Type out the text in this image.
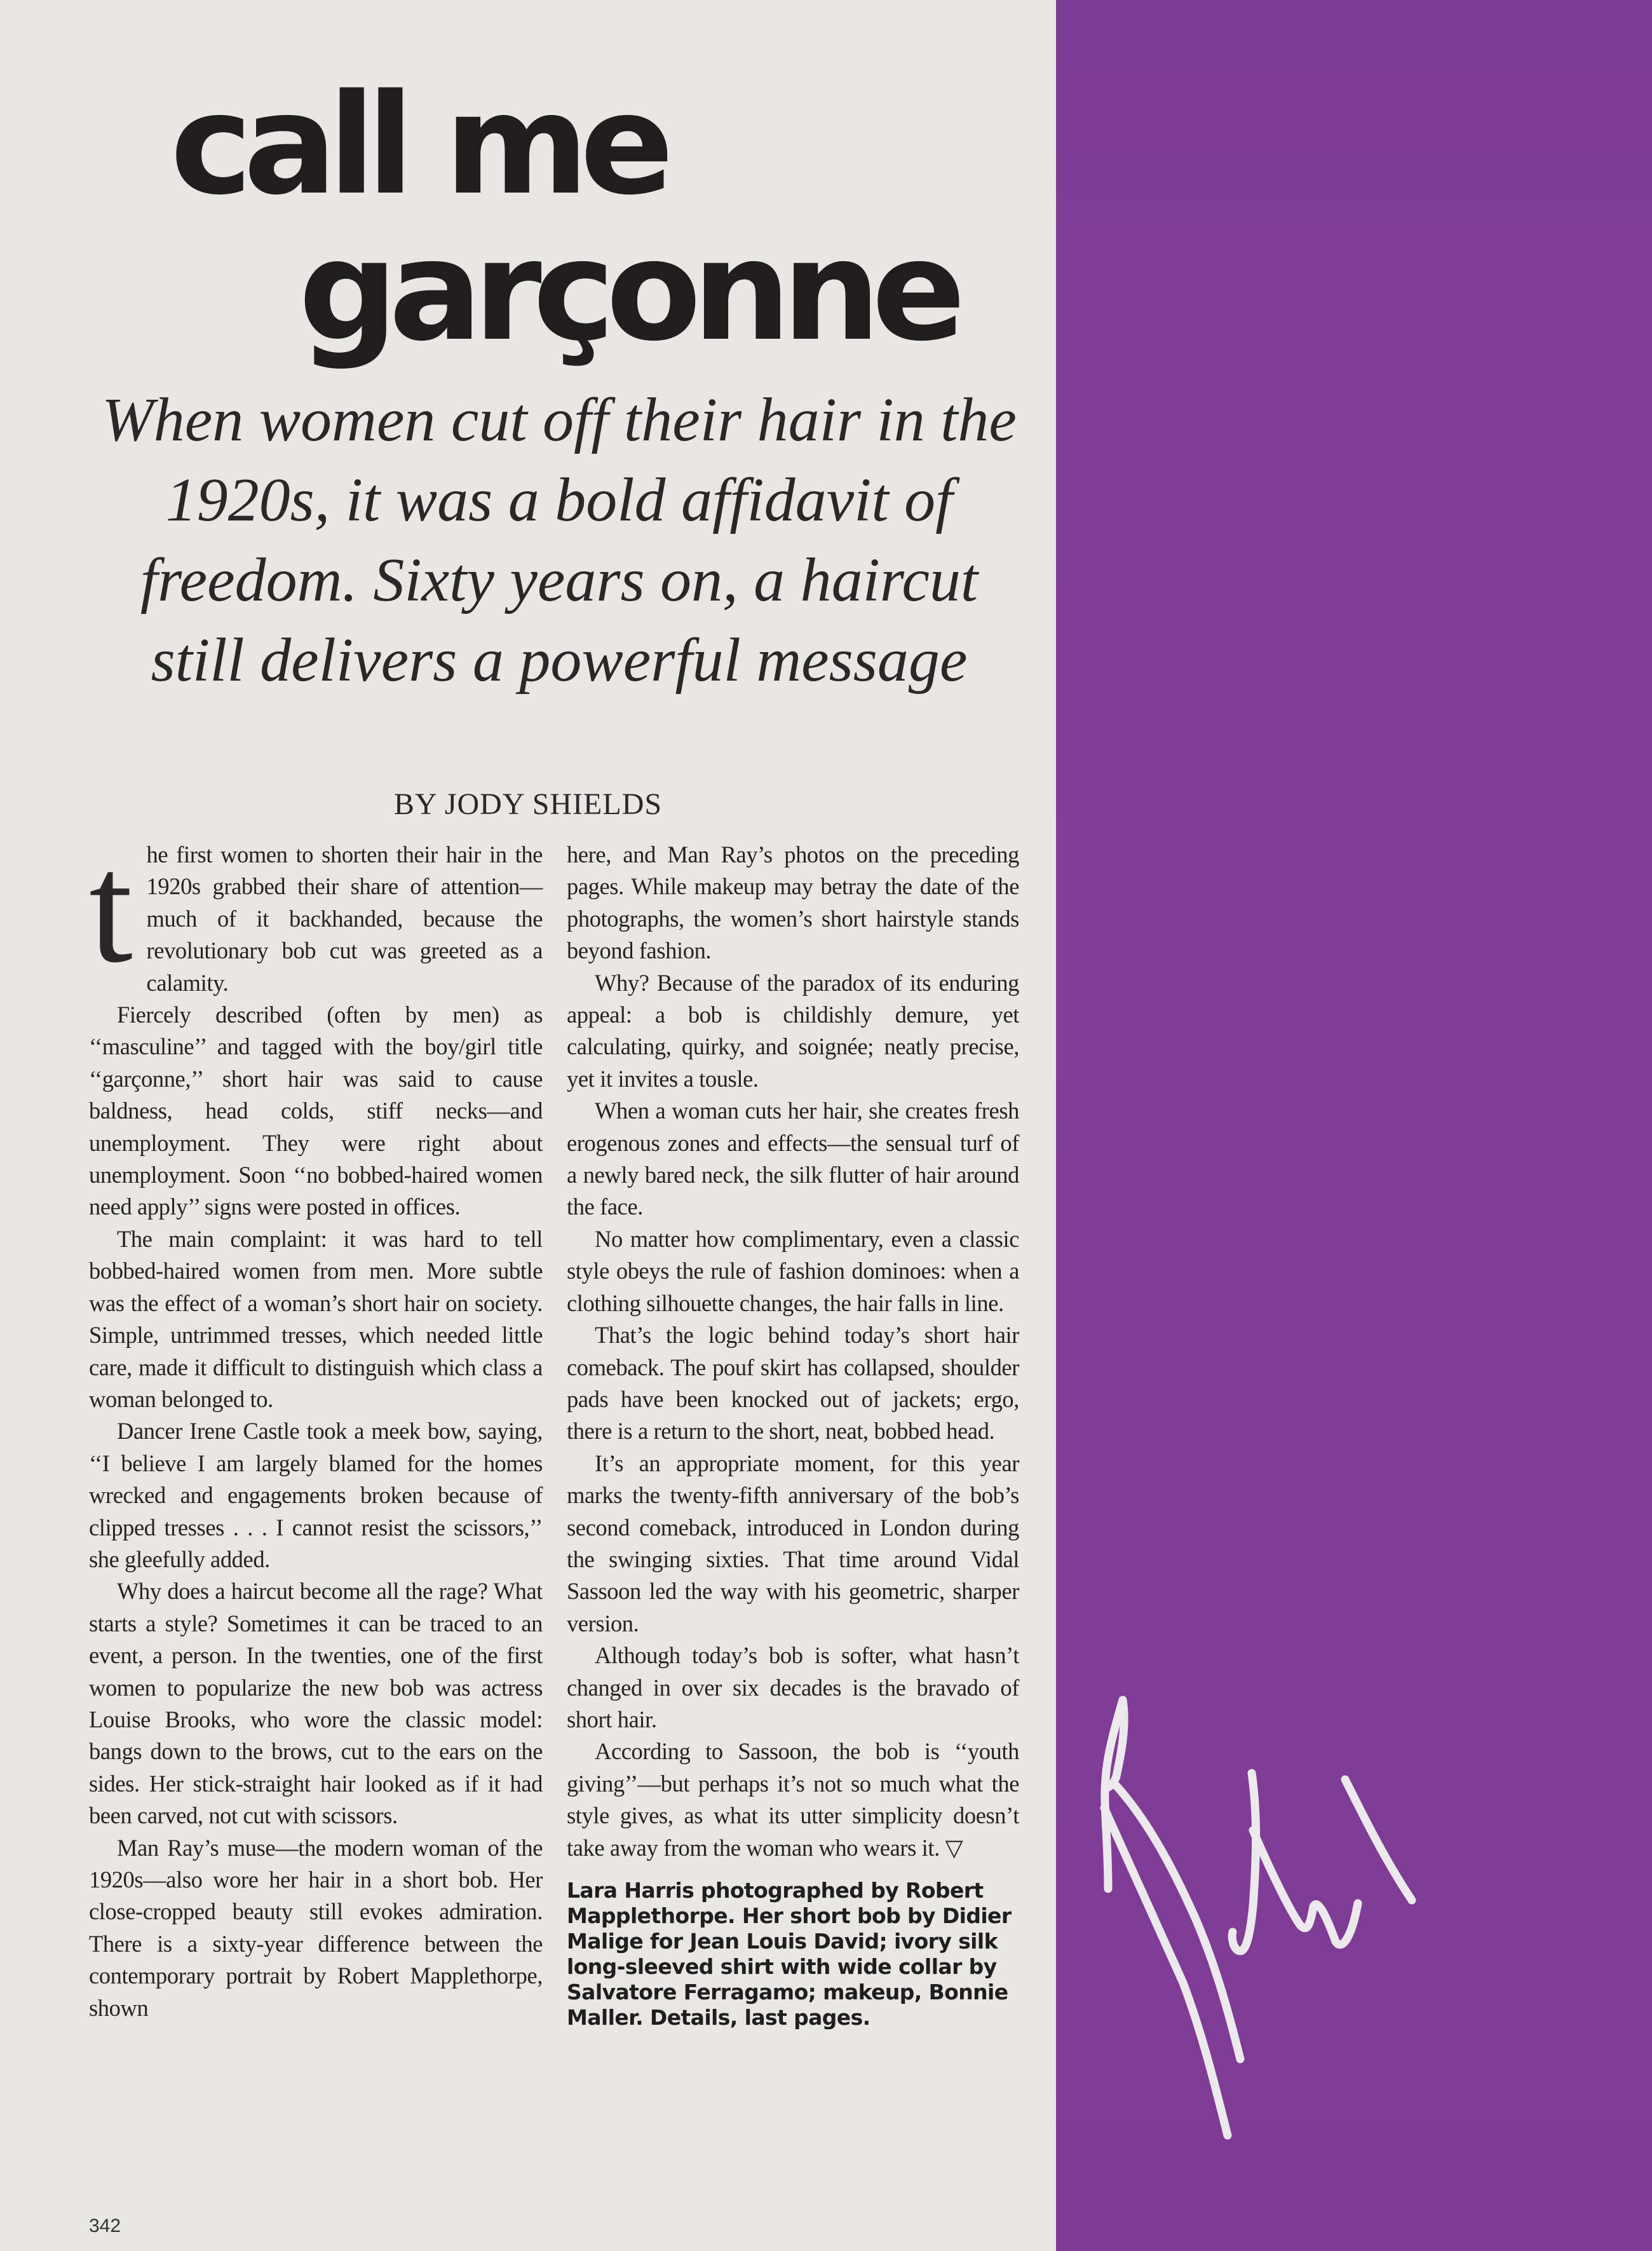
call me
garçonne

When women cut off their hair in the 1920s, it was a bold affidavit of freedom. Sixty years on, a haircut still delivers a powerful message

BY JODY SHIELDS
t he first women to shorten their hair in the 1920s grabbed their share of attention—much of it backhanded, because the revolutionary bob cut was greeted as a calamity.

Fiercely described (often by men) as ‘‘masculine’’ and tagged with the boy/girl title ‘‘garçonne,’’ short hair was said to cause baldness, head colds, stiff necks—and unemployment. They were right about unemployment. Soon ‘‘no bobbed-haired women need apply’’ signs were posted in offices.

The main complaint: it was hard to tell bobbed-haired women from men. More subtle was the effect of a woman’s short hair on society. Simple, untrimmed tresses, which needed little care, made it difficult to distinguish which class a woman belonged to.

Dancer Irene Castle took a meek bow, saying, ‘‘I believe I am largely blamed for the homes wrecked and engagements broken because of clipped tresses . . . I cannot resist the scissors,’’ she gleefully added.

Why does a haircut become all the rage? What starts a style? Sometimes it can be traced to an event, a person. In the twenties, one of the first women to popularize the new bob was actress Louise Brooks, who wore the classic model: bangs down to the brows, cut to the ears on the sides. Her stick-straight hair looked as if it had been carved, not cut with scissors.

Man Ray’s muse—the modern woman of the 1920s—also wore her hair in a short bob. Her close-cropped beauty still evokes admiration. There is a sixty-year difference between the contemporary portrait by Robert Mapplethorpe, shown

here, and Man Ray’s photos on the preceding pages. While makeup may betray the date of the photographs, the women’s short hairstyle stands beyond fashion.

Why? Because of the paradox of its enduring appeal: a bob is childishly demure, yet calculating, quirky, and soignée; neatly precise, yet it invites a tousle.

When a woman cuts her hair, she creates fresh erogenous zones and effects—the sensual turf of a newly bared neck, the silk flutter of hair around the face.

No matter how complimentary, even a classic style obeys the rule of fashion dominoes: when a clothing silhouette changes, the hair falls in line.

That’s the logic behind today’s short hair comeback. The pouf skirt has collapsed, shoulder pads have been knocked out of jackets; ergo, there is a return to the short, neat, bobbed head.

It’s an appropriate moment, for this year marks the twenty-fifth anniversary of the bob’s second comeback, introduced in London during the swinging sixties. That time around Vidal Sassoon led the way with his geometric, sharper version.

Although today’s bob is softer, what hasn’t changed in over six decades is the bravado of short hair.

According to Sassoon, the bob is ‘‘youth giving’’—but perhaps it’s not so much what the style gives, as what its utter simplicity doesn’t take away from the woman who wears it. ▽

Lara Harris photographed by Robert Mapplethorpe. Her short bob by Didier Malige for Jean Louis David; ivory silk long-sleeved shirt with wide collar by Salvatore Ferragamo; makeup, Bonnie Maller. Details, last pages.
342
